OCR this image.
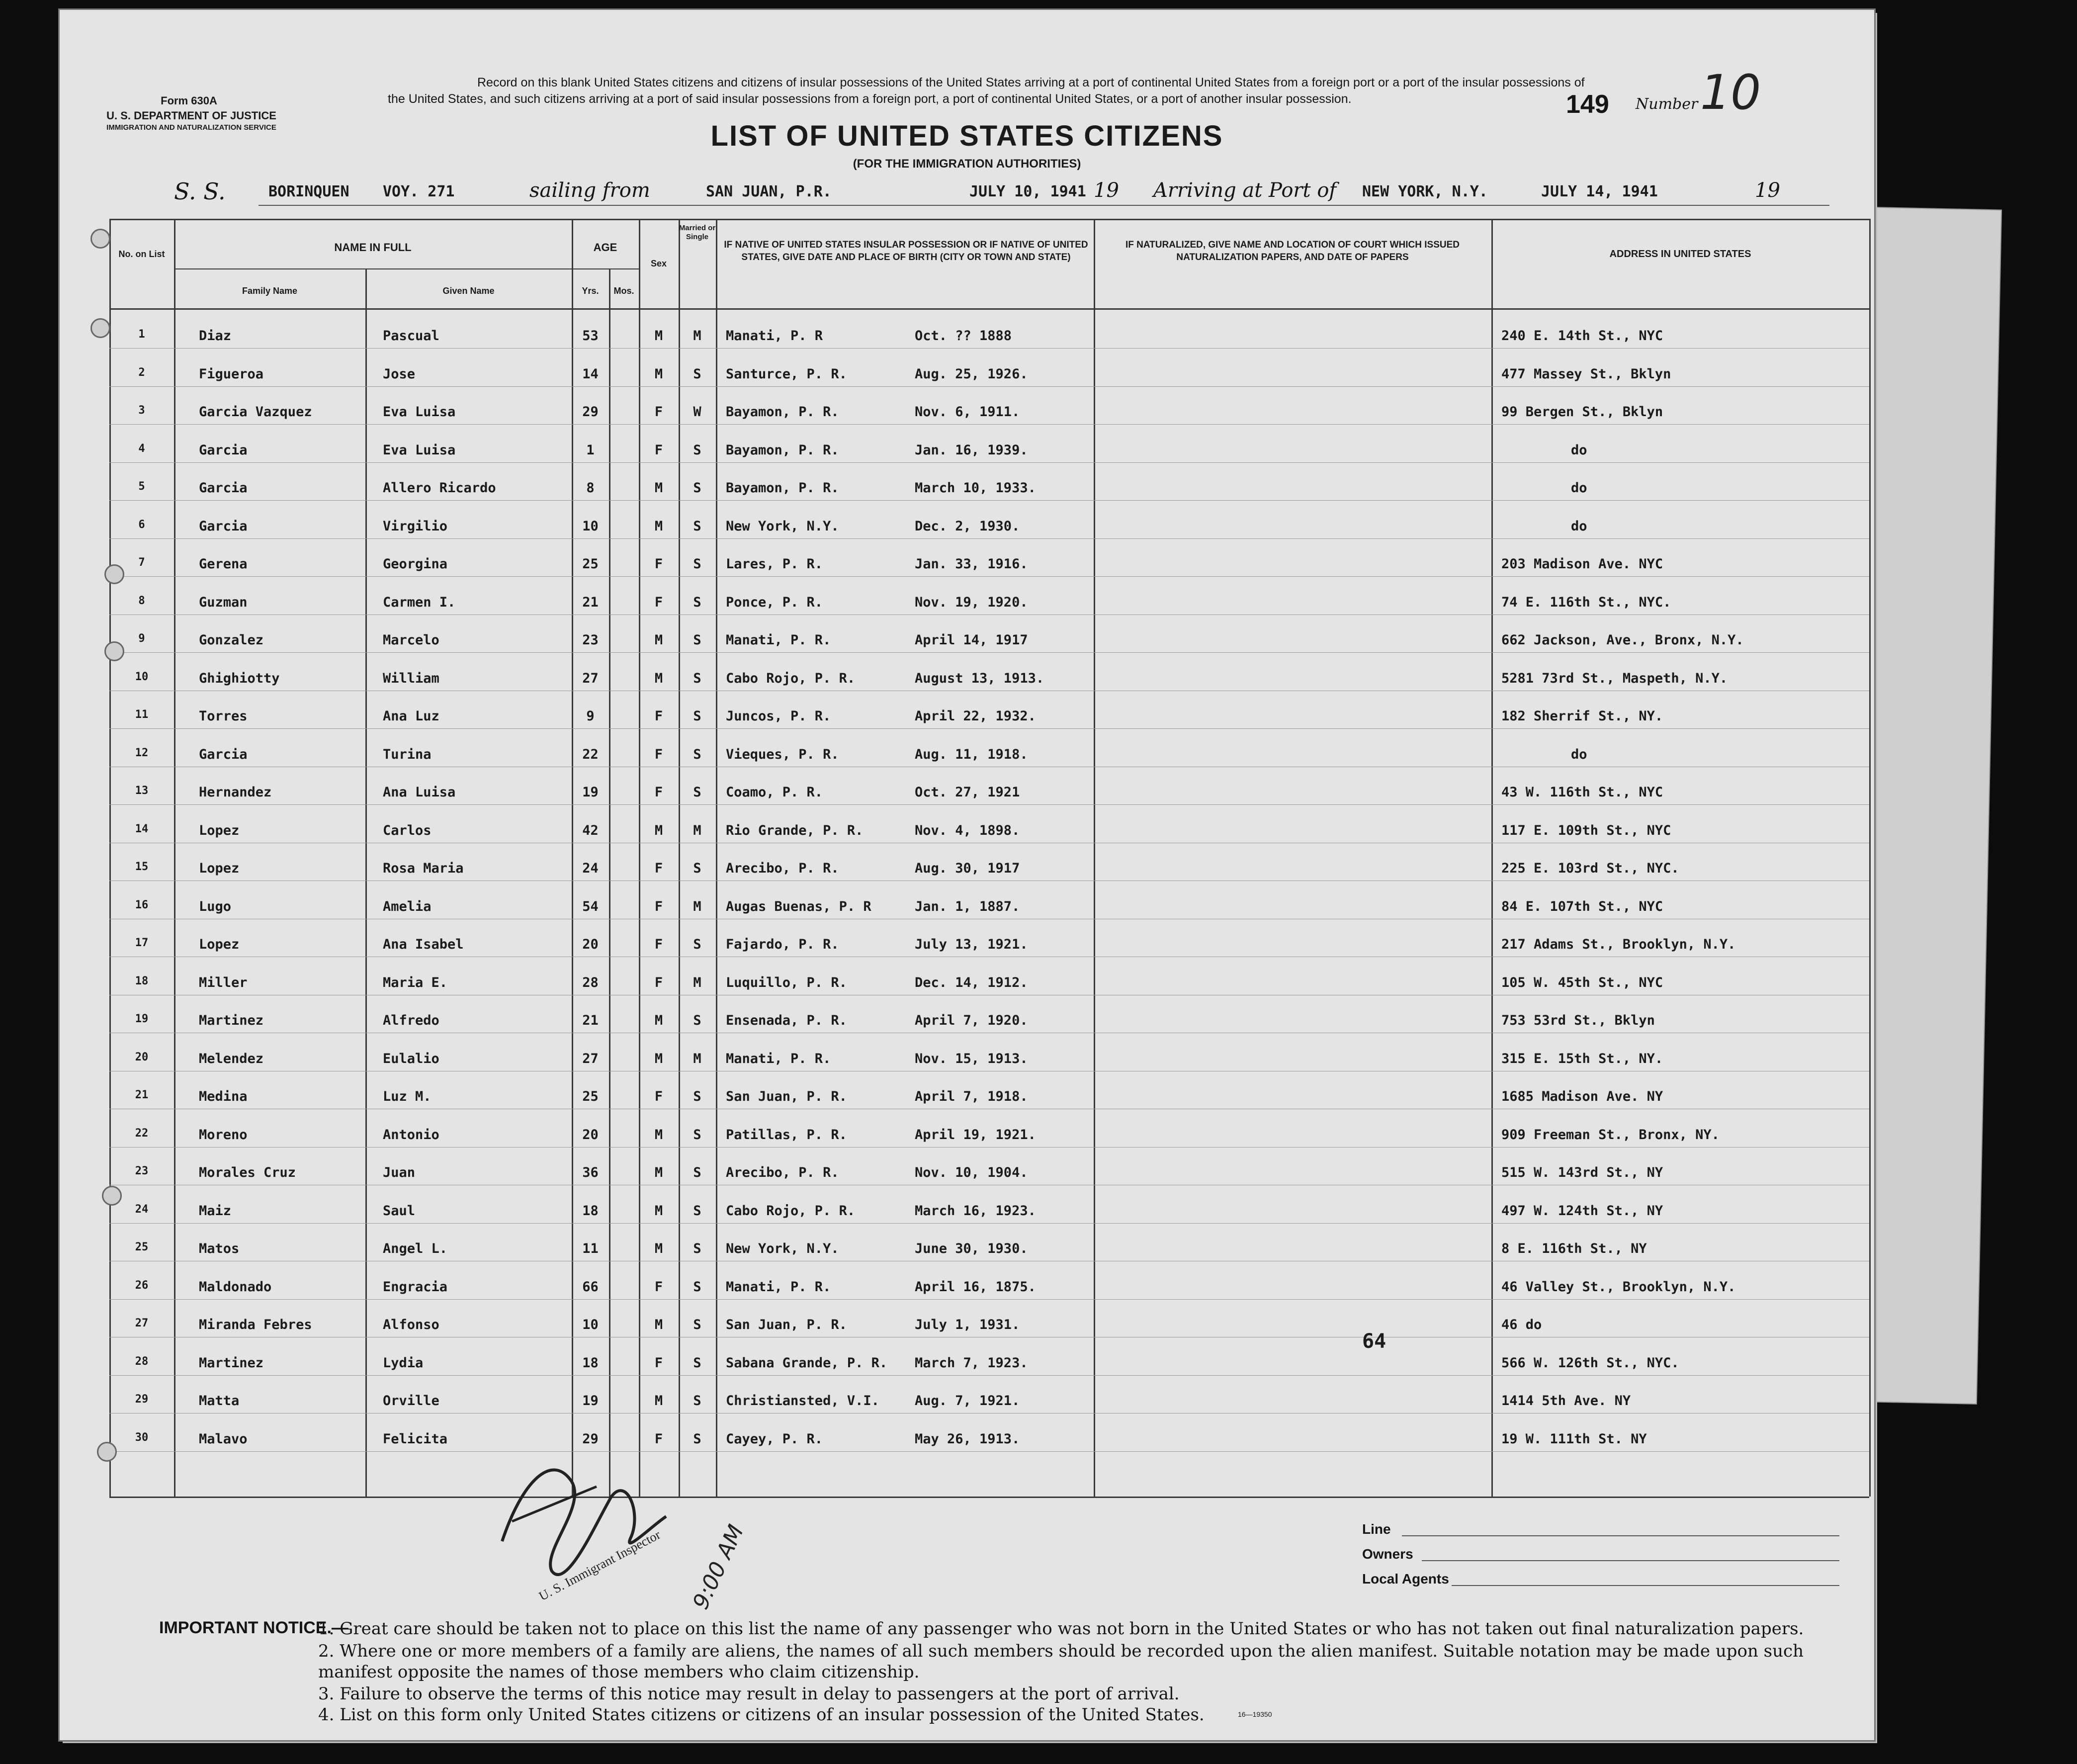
Form 630A
U. S. DEPARTMENT OF JUSTICE
IMMIGRATION AND NATURALIZATION SERVICE
Record on this blank United States citizens and citizens of insular possessions of the United States arriving at a port of continental United States from a foreign port or a port of the insular possessions of the United States, and such citizens arriving at a port of said insular possessions from a foreign port, a port of continental United States, or a port of another insular possession.	149 Number 10
LIST OF UNITED STATES CITIZENS
(FOR THE IMMIGRATION AUTHORITIES)
S. S.	BORINQUEN VOY. 271	sailing from	SAN JUAN, P.R.	JULY 10, 1941 19 Arriving at Port of NEW YORK, N.Y.	JULY 14, 1941	19
No. on List
NAME IN FULL
Family Name	Given Name
AGE
Yrs.	Mos.
Sex
Married or Single
IF NATIVE OF UNITED STATES INSULAR POSSESSION OR IF NATIVE OF UNITED STATES, GIVE DATE AND PLACE OF BIRTH (CITY OR TOWN AND STATE)
IF NATURALIZED, GIVE NAME AND LOCATION OF COURT WHICH ISSUED NATURALIZATION PAPERS, AND DATE OF PAPERS	ADDRESS IN UNITED STATES
1	Diaz	Pascual	53	M	M	Manati, P. R	Oct. ?? 1888	240 E. 14th St., NYC
2	Figueroa	Jose	14	M	S	Santurce, P. R.	Aug. 25, 1926.	477 Massey St., Bklyn
3	Garcia Vazquez	Eva Luisa	29	F	W	Bayamon, P. R.	Nov. 6, 1911.	99 Bergen St., Bklyn
4	Garcia	Eva Luisa	1	F	S	Bayamon, P. R.	Jan. 16, 1939.	do
5	Garcia	Allero Ricardo	8	M	S	Bayamon, P. R.	March 10, 1933.	do
6	Garcia	Virgilio	10	M	S	New York, N.Y.	Dec. 2, 1930.	do
7	Gerena	Georgina	25	F	S	Lares, P. R.	Jan. 33, 1916.	203 Madison Ave. NYC
8	Guzman	Carmen I.	21	F	S	Ponce, P. R.	Nov. 19, 1920.	74 E. 116th St., NYC.
9	Gonzalez	Marcelo	23	M	S	Manati, P. R.	April 14, 1917	662 Jackson, Ave., Bronx, N.Y.
10	Ghighiotty	William	27	M	S	Cabo Rojo, P. R.	August 13, 1913.	5281 73rd St., Maspeth, N.Y.
11	Torres	Ana Luz	9	F	S	Juncos, P. R.	April 22, 1932.	182 Sherrif St., NY.
12	Garcia	Turina	22	F	S	Vieques, P. R.	Aug. 11, 1918.	do
13	Hernandez	Ana Luisa	19	F	S	Coamo, P. R.	Oct. 27, 1921	43 W. 116th St., NYC
14	Lopez	Carlos	42	M	M	Rio Grande, P. R.	Nov. 4, 1898.	117 E. 109th St., NYC
15	Lopez	Rosa Maria	24	F	S	Arecibo, P. R.	Aug. 30, 1917	225 E. 103rd St., NYC.
16	Lugo	Amelia	54	F	M	Augas Buenas, P. R	Jan. 1, 1887.	84 E. 107th St., NYC
17	Lopez	Ana Isabel	20	F	S	Fajardo, P. R.	July 13, 1921.	217 Adams St., Brooklyn, N.Y.
18	Miller	Maria E.	28	F	M	Luquillo, P. R.	Dec. 14, 1912.	105 W. 45th St., NYC
19	Martinez	Alfredo	21	M	S	Ensenada, P. R.	April 7, 1920.	753 53rd St., Bklyn
20	Melendez	Eulalio	27	M	M	Manati, P. R.	Nov. 15, 1913.	315 E. 15th St., NY.
21	Medina	Luz M.	25	F	S	San Juan, P. R.	April 7, 1918.	1685 Madison Ave. NY
22	Moreno	Antonio	20	M	S	Patillas, P. R.	April 19, 1921.	909 Freeman St., Bronx, NY.
23	Morales Cruz	Juan	36	M	S	Arecibo, P. R.	Nov. 10, 1904.	515 W. 143rd St., NY
24	Maiz	Saul	18	M	S	Cabo Rojo, P. R.	March 16, 1923.	497 W. 124th St., NY
25	Matos	Angel L.	11	M	S	New York, N.Y.	June 30, 1930.	8 E. 116th St., NY
26	Maldonado	Engracia	66	F	S	Manati, P. R.	April 16, 1875.	46 Valley St., Brooklyn, N.Y.
27	Miranda Febres	Alfonso	10	M	S	San Juan, P. R.	July 1, 1931.	46 do
28	Martinez	Lydia	18	F	S	Sabana Grande, P. R.	March 7, 1923.	566 W. 126th St., NYC.
29	Matta	Orville	19	M	S	Christiansted, V.I.	Aug. 7, 1921.	1414 5th Ave. NY
30	Malavo	Felicita	29	F	S	Cayey, P. R.	May 26, 1913.	19 W. 111th St. NY
64
U. S. Immigrant Inspector 9:00 AM	Line
Owners
Local Agents
IMPORTANT NOTICE.—
1. Great care should be taken not to place on this list the name of any passenger who was not born in the United States or who has not taken out final naturalization papers.
2. Where one or more members of a family are aliens, the names of all such members should be recorded upon the alien manifest. Suitable notation may be made upon such manifest opposite the names of those members who claim citizenship.
3. Failure to observe the terms of this notice may result in delay to passengers at the port of arrival.
4. List on this form only United States citizens or citizens of an insular possession of the United States.	16—19350
